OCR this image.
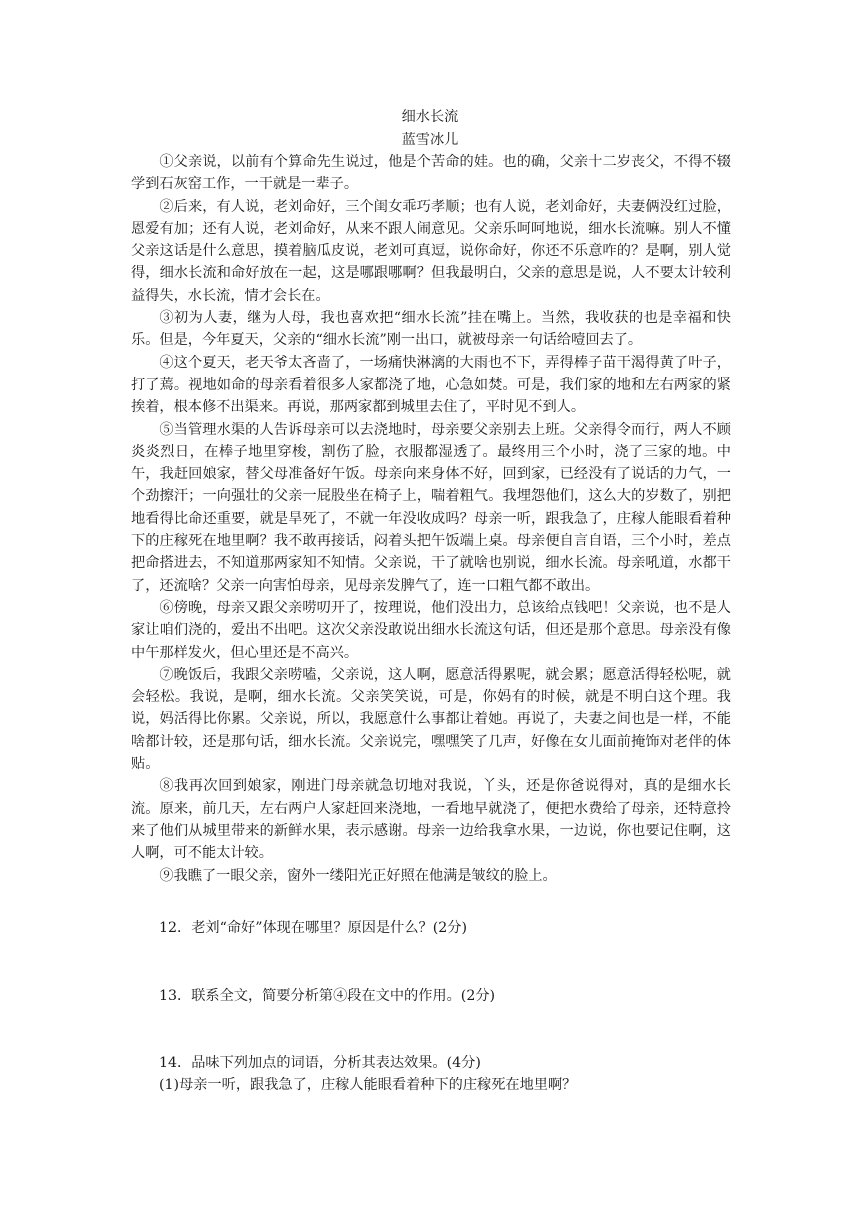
细水长流
蓝雪冰儿

①父亲说，以前有个算命先生说过，他是个苦命的娃。也的确，父亲十二岁丧父，不得不辍学到石灰窑工作，一干就是一辈子。

②后来，有人说，老刘命好，三个闺女乖巧孝顺；也有人说，老刘命好，夫妻俩没红过脸，恩爱有加；还有人说，老刘命好，从来不跟人闹意见。父亲乐呵呵地说，细水长流嘛。别人不懂父亲这话是什么意思，摸着脑瓜皮说，老刘可真逗，说你命好，你还不乐意咋的？是啊，别人觉得，细水长流和命好放在一起，这是哪跟哪啊？但我最明白，父亲的意思是说，人不要太计较利益得失，水长流，情才会长在。

③初为人妻，继为人母，我也喜欢把“细水长流”挂在嘴上。当然，我收获的也是幸福和快乐。但是，今年夏天，父亲的“细水长流”刚一出口，就被母亲一句话给噎回去了。

④这个夏天，老天爷太吝啬了，一场痛快淋漓的大雨也不下，弄得棒子苗干渴得黄了叶子，打了蔫。视地如命的母亲看着很多人家都浇了地，心急如焚。可是，我们家的地和左右两家的紧挨着，根本修不出渠来。再说，那两家都到城里去住了，平时见不到人。

⑤当管理水渠的人告诉母亲可以去浇地时，母亲要父亲别去上班。父亲得令而行，两人不顾炎炎烈日，在棒子地里穿梭，割伤了脸，衣服都湿透了。最终用三个小时，浇了三家的地。中午，我赶回娘家，替父母准备好午饭。母亲向来身体不好，回到家，已经没有了说话的力气，一个劲擦汗；一向强壮的父亲一屁股坐在椅子上，喘着粗气。我埋怨他们，这么大的岁数了，别把地看得比命还重要，就是旱死了，不就一年没收成吗？母亲一听，跟我急了，庄稼人能眼看着种下的庄稼死在地里啊？我不敢再接话，闷着头把午饭端上桌。母亲便自言自语，三个小时，差点把命搭进去，不知道那两家知不知情。父亲说，干了就啥也别说，细水长流。母亲吼道，水都干了，还流啥？父亲一向害怕母亲，见母亲发脾气了，连一口粗气都不敢出。

⑥傍晚，母亲又跟父亲唠叨开了，按理说，他们没出力，总该给点钱吧！父亲说，也不是人家让咱们浇的，爱出不出吧。这次父亲没敢说出细水长流这句话，但还是那个意思。母亲没有像中午那样发火，但心里还是不高兴。

⑦晚饭后，我跟父亲唠嗑，父亲说，这人啊，愿意活得累呢，就会累；愿意活得轻松呢，就会轻松。我说，是啊，细水长流。父亲笑笑说，可是，你妈有的时候，就是不明白这个理。我说，妈活得比你累。父亲说，所以，我愿意什么事都让着她。再说了，夫妻之间也是一样，不能啥都计较，还是那句话，细水长流。父亲说完，嘿嘿笑了几声，好像在女儿面前掩饰对老伴的体贴。

⑧我再次回到娘家，刚进门母亲就急切地对我说，丫头，还是你爸说得对，真的是细水长流。原来，前几天，左右两户人家赶回来浇地，一看地早就浇了，便把水费给了母亲，还特意拎来了他们从城里带来的新鲜水果，表示感谢。母亲一边给我拿水果，一边说，你也要记住啊，这人啊，可不能太计较。

⑨我瞧了一眼父亲，窗外一缕阳光正好照在他满是皱纹的脸上。

12．老刘“命好”体现在哪里？原因是什么？(2分)
13．联系全文，简要分析第④段在文中的作用。(2分)
14．品味下列加点的词语，分析其表达效果。(4分)
(1)母亲一听，跟我急了，庄稼人能眼看着种下的庄稼死在地里啊？
